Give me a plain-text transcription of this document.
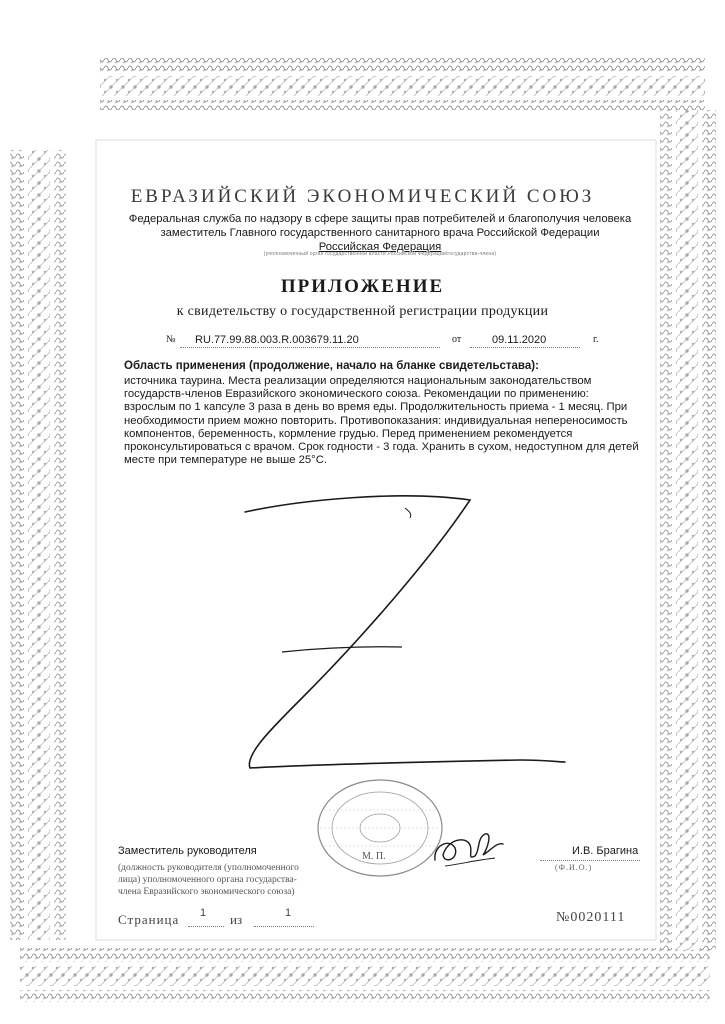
ЕВРАЗИЙСКИЙ ЭКОНОМИЧЕСКИЙ СОЮЗ
Федеральная служба по надзору в сфере защиты прав потребителей и благополучия человека
заместитель Главного государственного санитарного врача Российской Федерации
Российская Федерация
(уполномоченный орган государственной власти Российской Федерации/государства-члена)
ПРИЛОЖЕНИЕ
к свидетельству о государственной регистрации продукции
№ RU.77.99.88.003.R.003679.11.20	от	09.11.2020	г.
Область применения (продолжение, начало на бланке свидетельстава):
источника таурина. Места реализации определяются национальным законодательством
государств-членов Евразийского экономического союза. Рекомендации по применению:
взрослым по 1 капсуле 3 раза в день во время еды. Продолжительность приема - 1 месяц. При
необходимости прием можно повторить. Противопоказания: индивидуальная непереносимость
компонентов, беременность, кормление грудью. Перед применением рекомендуется
проконсультироваться с врачом. Срок годности - 3 года. Хранить в сухом, недоступном для детей
месте при температуре не выше 25°С.
Заместитель руководителя	И.В. Брагина
М. П.
(Ф.И.О.)
(должность руководителя (уполномоченного
лица) уполномоченного органа государства-
члена Евразийского экономического союза)
Страница 1 из	1	№0020111
